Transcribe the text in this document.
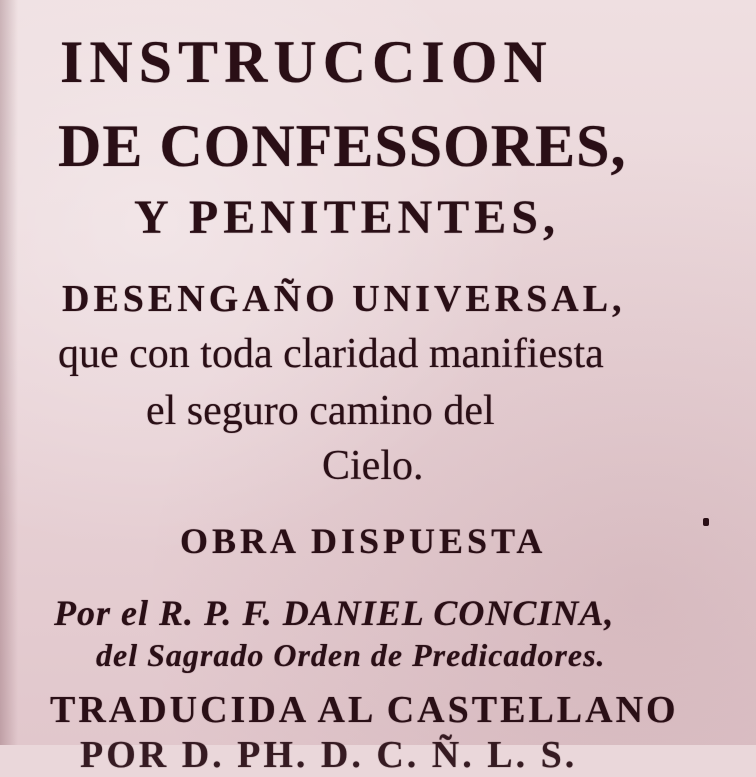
INSTRUCCION
DE CONFESSORES,
Y PENITENTES,
DESENGAÑO UNIVERSAL,
que con toda claridad manifiesta
el seguro camino del
Cielo.
OBRA DISPUESTA
Por el R. P. F. DANIEL CONCINA,
del Sagrado Orden de Predicadores.
TRADUCIDA AL CASTELLANO
POR D. PH. D. C. Ñ. L. S.
